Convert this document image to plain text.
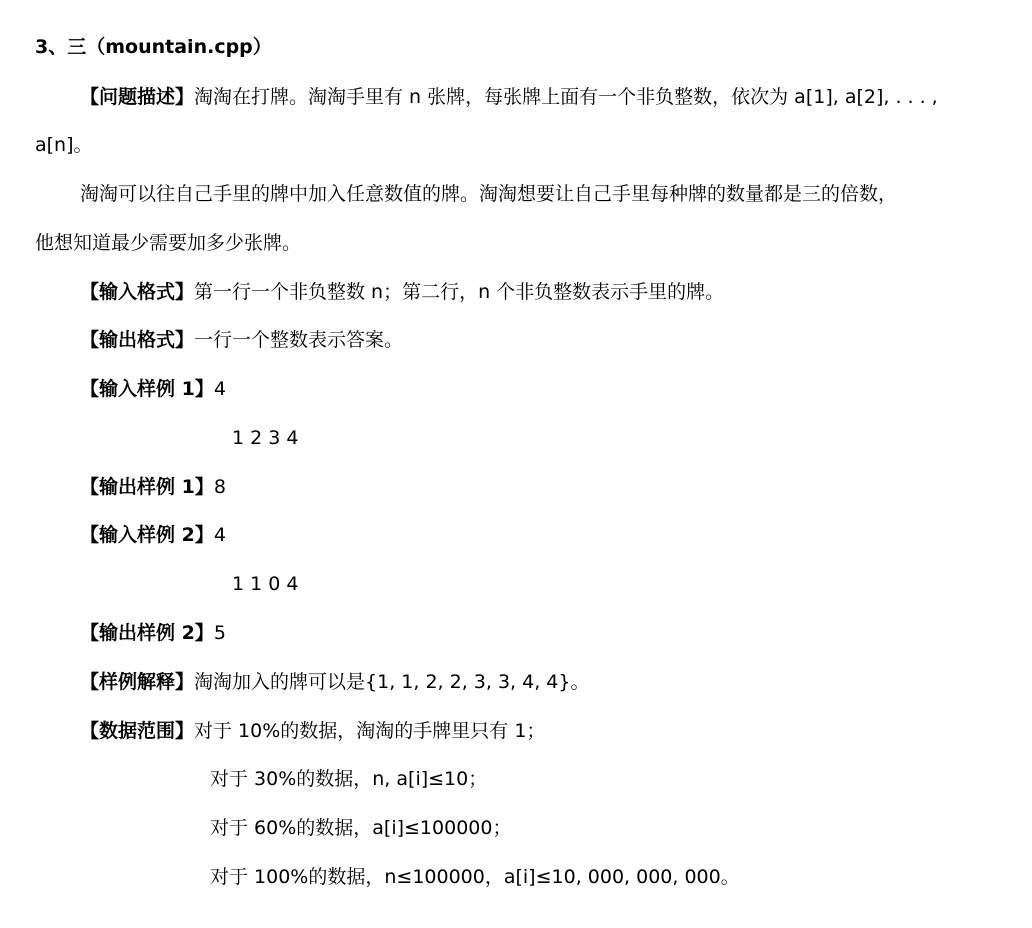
3、三（mountain.cpp）
【问题描述】淘淘在打牌。淘淘手里有 n 张牌，每张牌上面有一个非负整数，依次为 a[1], a[2], . . . ,
a[n]。
淘淘可以往自己手里的牌中加入任意数值的牌。淘淘想要让自己手里每种牌的数量都是三的倍数，
他想知道最少需要加多少张牌。
【输入格式】第一行一个非负整数 n；第二行，n 个非负整数表示手里的牌。
【输出格式】一行一个整数表示答案。
【输入样例 1】4
1 2 3 4
【输出样例 1】8
【输入样例 2】4
1 1 0 4
【输出样例 2】5
【样例解释】淘淘加入的牌可以是{1, 1, 2, 2, 3, 3, 4, 4}。
【数据范围】对于 10%的数据，淘淘的手牌里只有 1；
对于 30%的数据，n, a[i]≤10；
对于 60%的数据，a[i]≤100000；
对于 100%的数据，n≤100000，a[i]≤10, 000, 000, 000。
